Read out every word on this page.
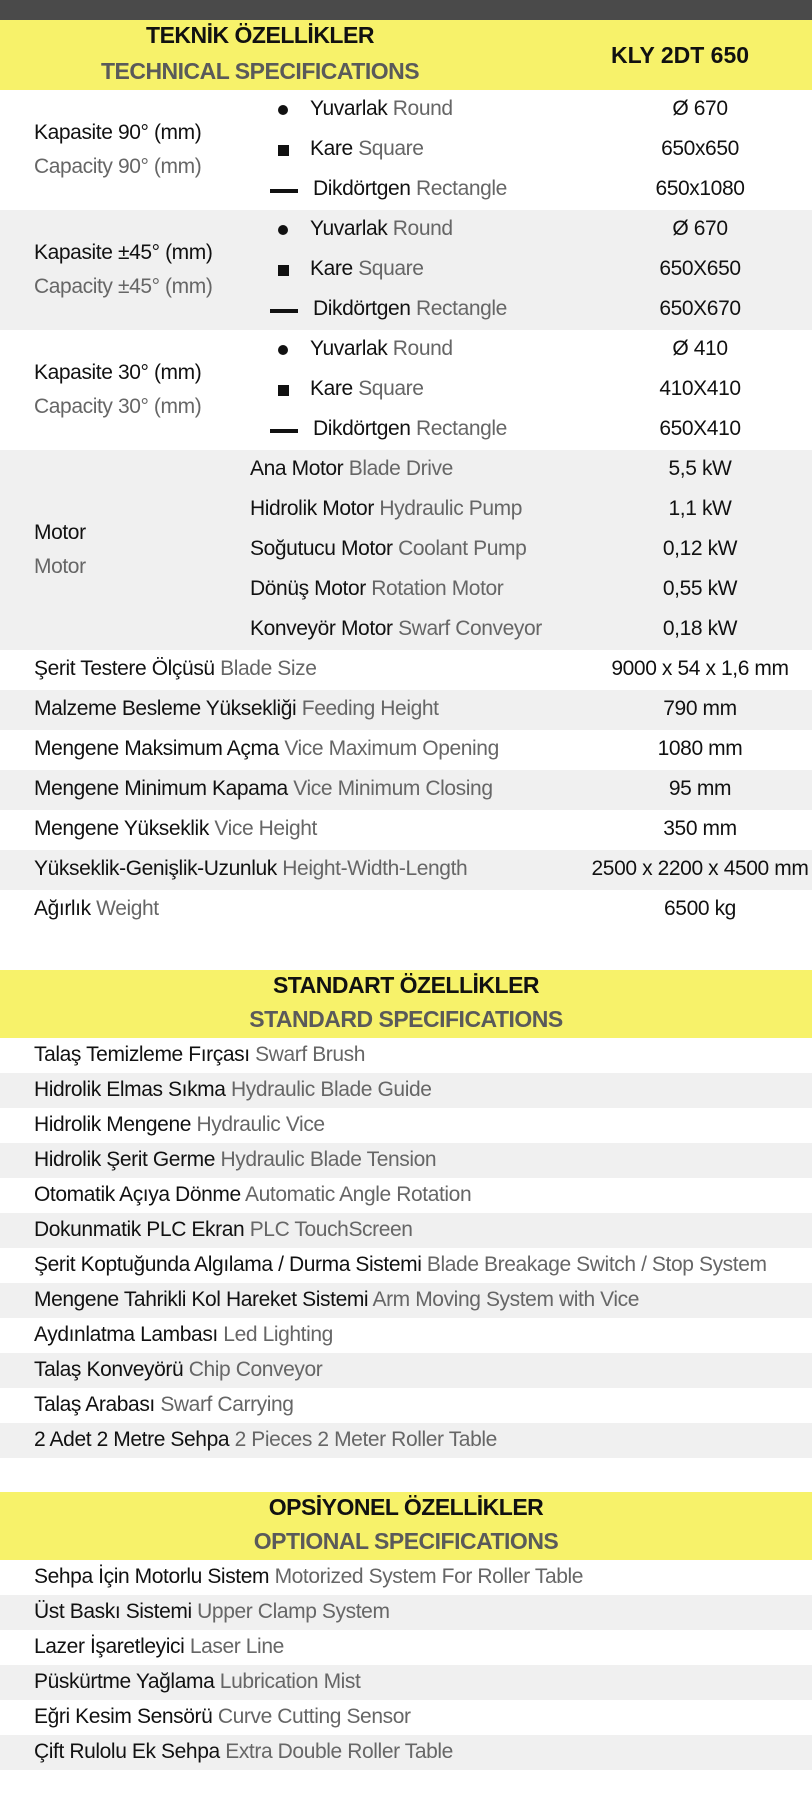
TEKNİK ÖZELLİKLER
TECHNICAL SPECIFICATIONS
KLY 2DT 650
Kapasite 90° (mm)
Capacity 90° (mm)
Yuvarlak Round	Ø 670
Kare Square	650x650
Dikdörtgen Rectangle	650x1080
Kapasite ±45° (mm)
Capacity ±45° (mm)
Yuvarlak Round	Ø 670
Kare Square	650X650
Dikdörtgen Rectangle	650X670
Kapasite 30° (mm)
Capacity 30° (mm)
Yuvarlak Round	Ø 410
Kare Square	410X410
Dikdörtgen Rectangle	650X410
Motor
Motor
Ana Motor Blade Drive	5,5 kW
Hidrolik Motor Hydraulic Pump	1,1 kW
Soğutucu Motor Coolant Pump	0,12 kW
Dönüş Motor Rotation Motor	0,55 kW
Konveyör Motor Swarf Conveyor	0,18 kW
Şerit Testere Ölçüsü Blade Size	9000 x 54 x 1,6 mm
Malzeme Besleme Yüksekliği Feeding Height	790 mm
Mengene Maksimum Açma Vice Maximum Opening	1080 mm
Mengene Minimum Kapama Vice Minimum Closing	95 mm
Mengene Yükseklik Vice Height	350 mm
Yükseklik-Genişlik-Uzunluk Height-Width-Length	2500 x 2200 x 4500 mm
Ağırlık Weight	6500 kg
STANDART ÖZELLİKLER
STANDARD SPECIFICATIONS
Talaş Temizleme Fırçası Swarf Brush
Hidrolik Elmas Sıkma Hydraulic Blade Guide
Hidrolik Mengene Hydraulic Vice
Hidrolik Şerit Germe Hydraulic Blade Tension
Otomatik Açıya Dönme Automatic Angle Rotation
Dokunmatik PLC Ekran PLC TouchScreen
Şerit Koptuğunda Algılama / Durma Sistemi Blade Breakage Switch / Stop System
Mengene Tahrikli Kol Hareket Sistemi Arm Moving System with Vice
Aydınlatma Lambası Led Lighting
Talaş Konveyörü Chip Conveyor
Talaş Arabası Swarf Carrying
2 Adet 2 Metre Sehpa 2 Pieces 2 Meter Roller Table
OPSİYONEL ÖZELLİKLER
OPTIONAL SPECIFICATIONS
Sehpa İçin Motorlu Sistem Motorized System For Roller Table
Üst Baskı Sistemi Upper Clamp System
Lazer İşaretleyici Laser Line
Püskürtme Yağlama Lubrication Mist
Eğri Kesim Sensörü Curve Cutting Sensor
Çift Rulolu Ek Sehpa Extra Double Roller Table
